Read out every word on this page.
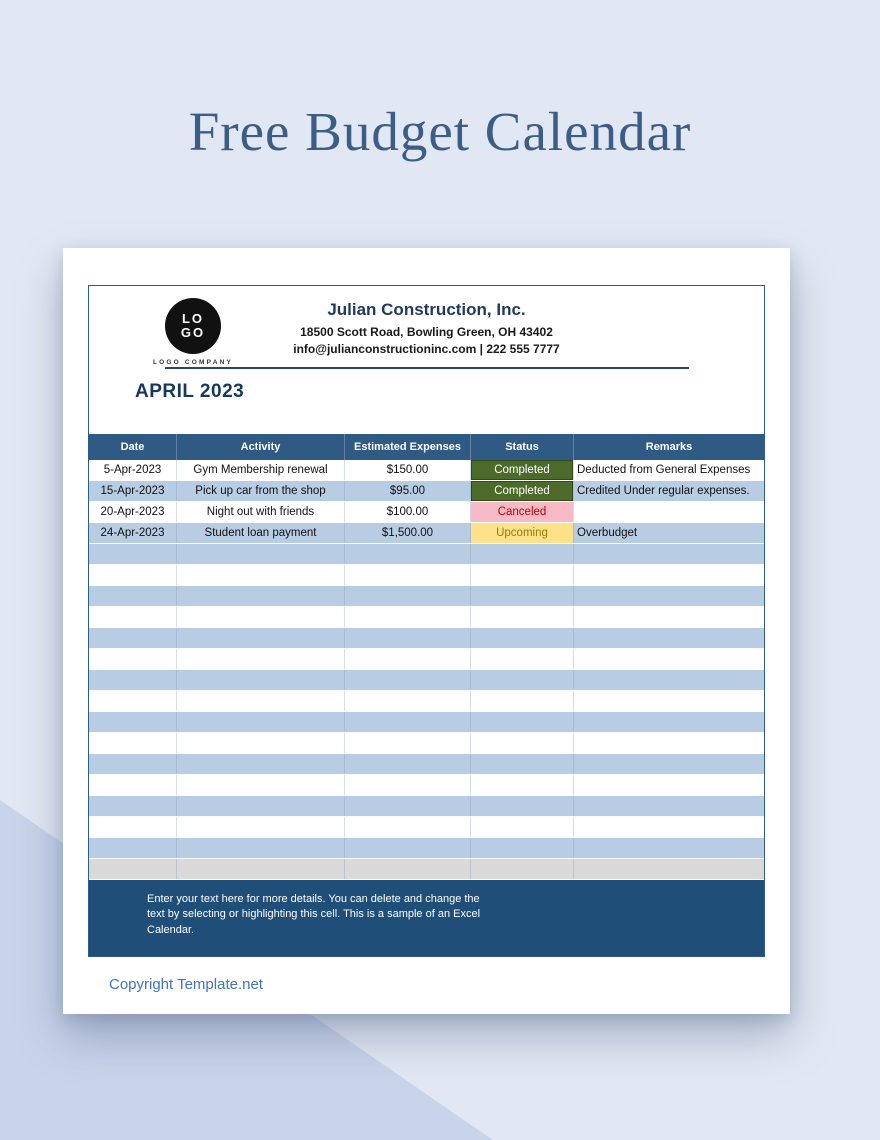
Free Budget Calendar
LO
GO
LOGO COMPANY
Julian Construction, Inc.
18500 Scott Road, Bowling Green, OH 43402
info@julianconstructioninc.com | 222 555 7777
APRIL 2023
Date	Activity	Estimated Expenses	Status	Remarks
5-Apr-2023	Gym Membership renewal	$150.00	Completed	Deducted from General Expenses
15-Apr-2023	Pick up car from the shop	$95.00	Completed	Credited Under regular expenses.
20-Apr-2023	Night out with friends	$100.00	Canceled
24-Apr-2023	Student loan payment	$1,500.00	Upcoming	Overbudget
Enter your text here for more details. You can delete and change the text by selecting or highlighting this cell. This is a sample of an Excel Calendar.
Copyright Template.net
